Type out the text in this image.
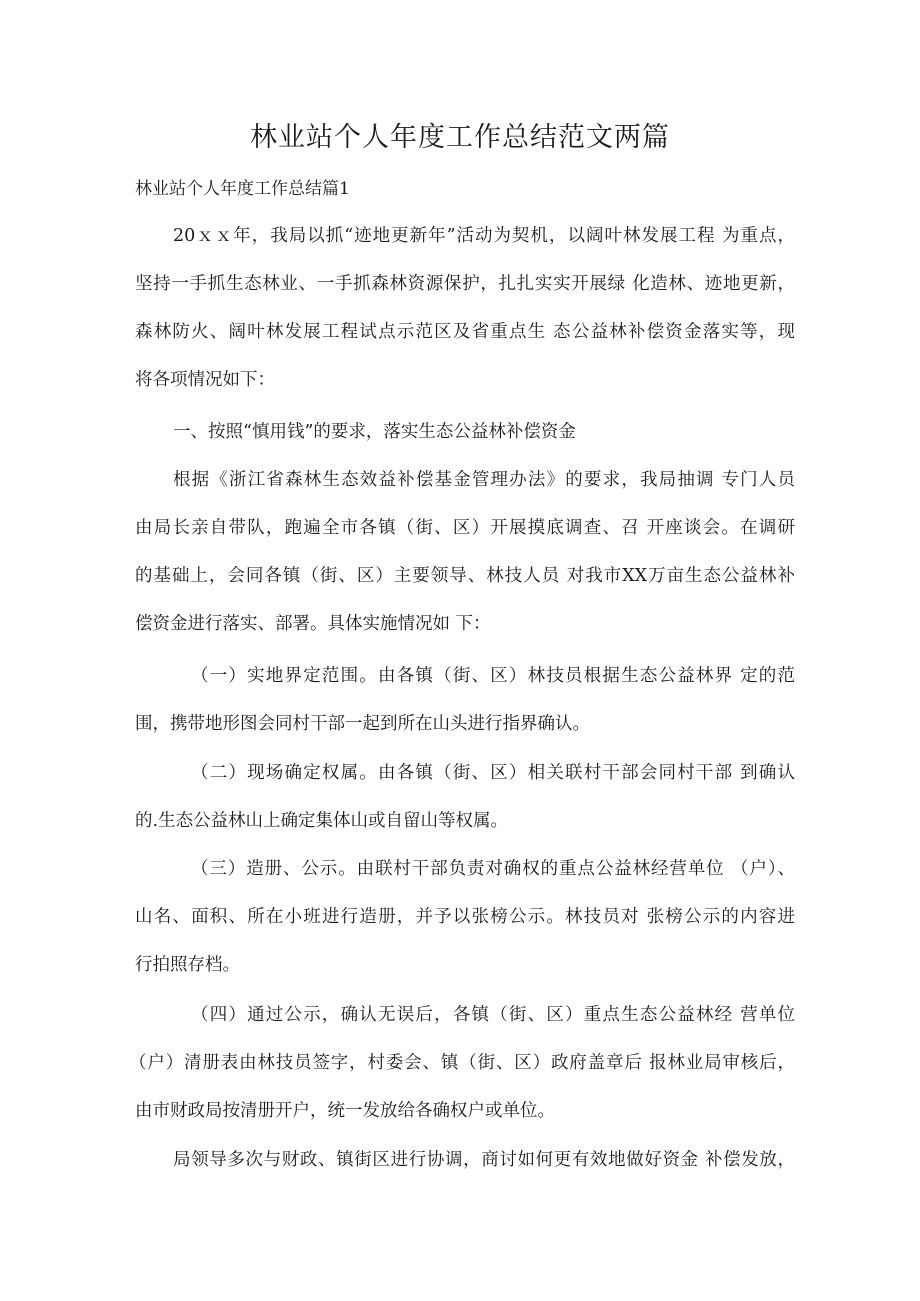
林业站个人年度工作总结范文两篇
林业站个人年度工作总结篇1
20ｘｘ年，我局以抓“迹地更新年”活动为契机，以阔叶林发展工程 为重点，
坚持一手抓生态林业、一手抓森林资源保护，扎扎实实开展绿 化造林、迹地更新，
森林防火、阔叶林发展工程试点示范区及省重点生 态公益林补偿资金落实等，现
将各项情况如下：
一、按照“慎用钱”的要求，落实生态公益林补偿资金
根据《浙江省森林生态效益补偿基金管理办法》的要求，我局抽调 专门人员
由局长亲自带队，跑遍全市各镇（街、区）开展摸底调查、召 开座谈会。在调研
的基础上，会同各镇（街、区）主要领导、林技人员 对我市XX万亩生态公益林补
偿资金进行落实、部署。具体实施情况如 下：
（一）实地界定范围。由各镇（街、区）林技员根据生态公益林界 定的范
围，携带地形图会同村干部一起到所在山头进行指界确认。
（二）现场确定权属。由各镇（街、区）相关联村干部会同村干部 到确认
的.生态公益林山上确定集体山或自留山等权属。
（三）造册、公示。由联村干部负责对确权的重点公益林经营单位 （户）、
山名、面积、所在小班进行造册，并予以张榜公示。林技员对 张榜公示的内容进
行拍照存档。
（四）通过公示，确认无误后，各镇（街、区）重点生态公益林经 营单位
（户）清册表由林技员签字，村委会、镇（街、区）政府盖章后 报林业局审核后，
由市财政局按清册开户，统一发放给各确权户或单位。
局领导多次与财政、镇街区进行协调，商讨如何更有效地做好资金 补偿发放，
